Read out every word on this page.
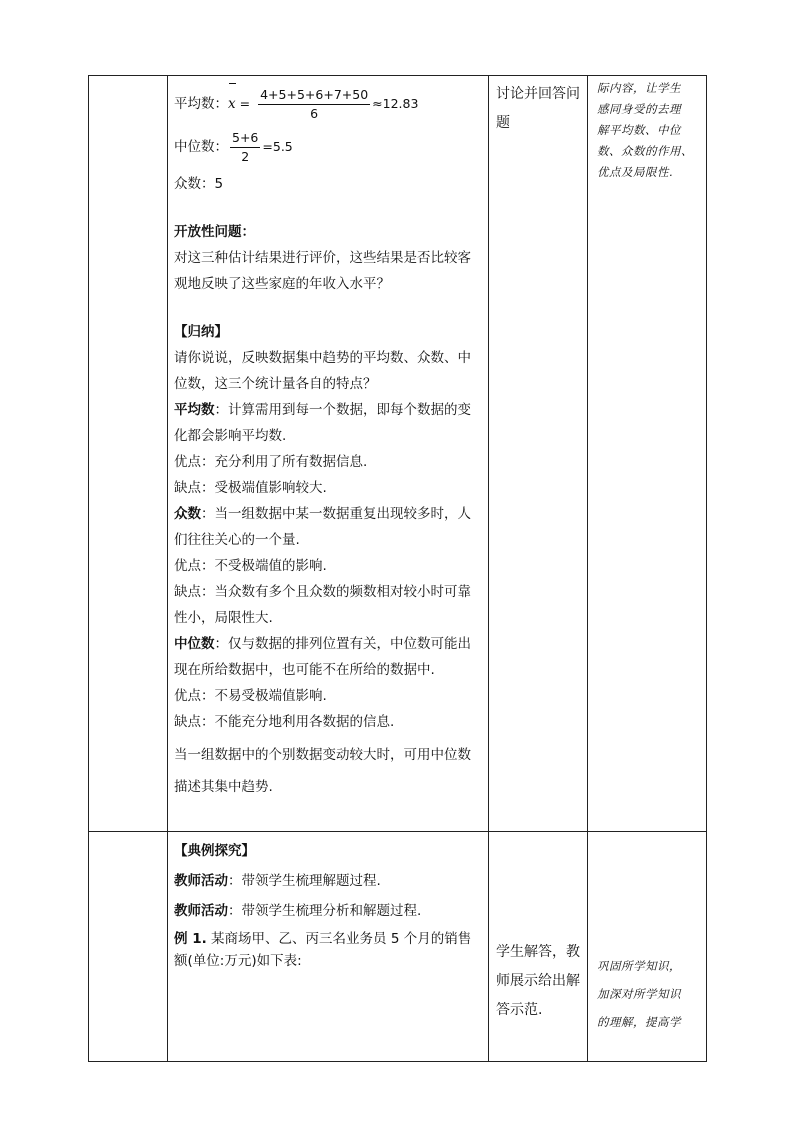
平均数：$x = \frac{4+5+5+6+7+50}{6} \approx 12.83$
中位数： $\frac{5+6}{2} =5.5$
众数：5
开放性问题：
对这三种估计结果进行评价，这些结果是否比较客
观地反映了这些家庭的年收入水平？
【归纳】
请你说说，反映数据集中趋势的平均数、众数、中
位数，这三个统计量各自的特点？
平均数：计算需用到每一个数据，即每个数据的变
化都会影响平均数.
优点：充分利用了所有数据信息.
缺点：受极端值影响较大.
众数：当一组数据中某一数据重复出现较多时，人
们往往关心的一个量.
优点：不受极端值的影响.
缺点：当众数有多个且众数的频数相对较小时可靠
性小，局限性大.
中位数：仅与数据的排列位置有关，中位数可能出
现在所给数据中，也可能不在所给的数据中.
优点：不易受极端值影响.
缺点：不能充分地利用各数据的信息.
当一组数据中的个别数据变动较大时，可用中位数
描述其集中趋势.
讨论并回答问
题
际内容，让学生
感同身受的去理
解平均数、中位
数、众数的作用、
优点及局限性.
【典例探究】
教师活动：带领学生梳理解题过程.
教师活动：带领学生梳理分析和解题过程.
例 1. 某商场甲、乙、丙三名业务员 5 个月的销售
额(单位:万元)如下表:
学生解答，教
师展示给出解
答示范.
巩固所学知识，
加深对所学知识
的理解，提高学
